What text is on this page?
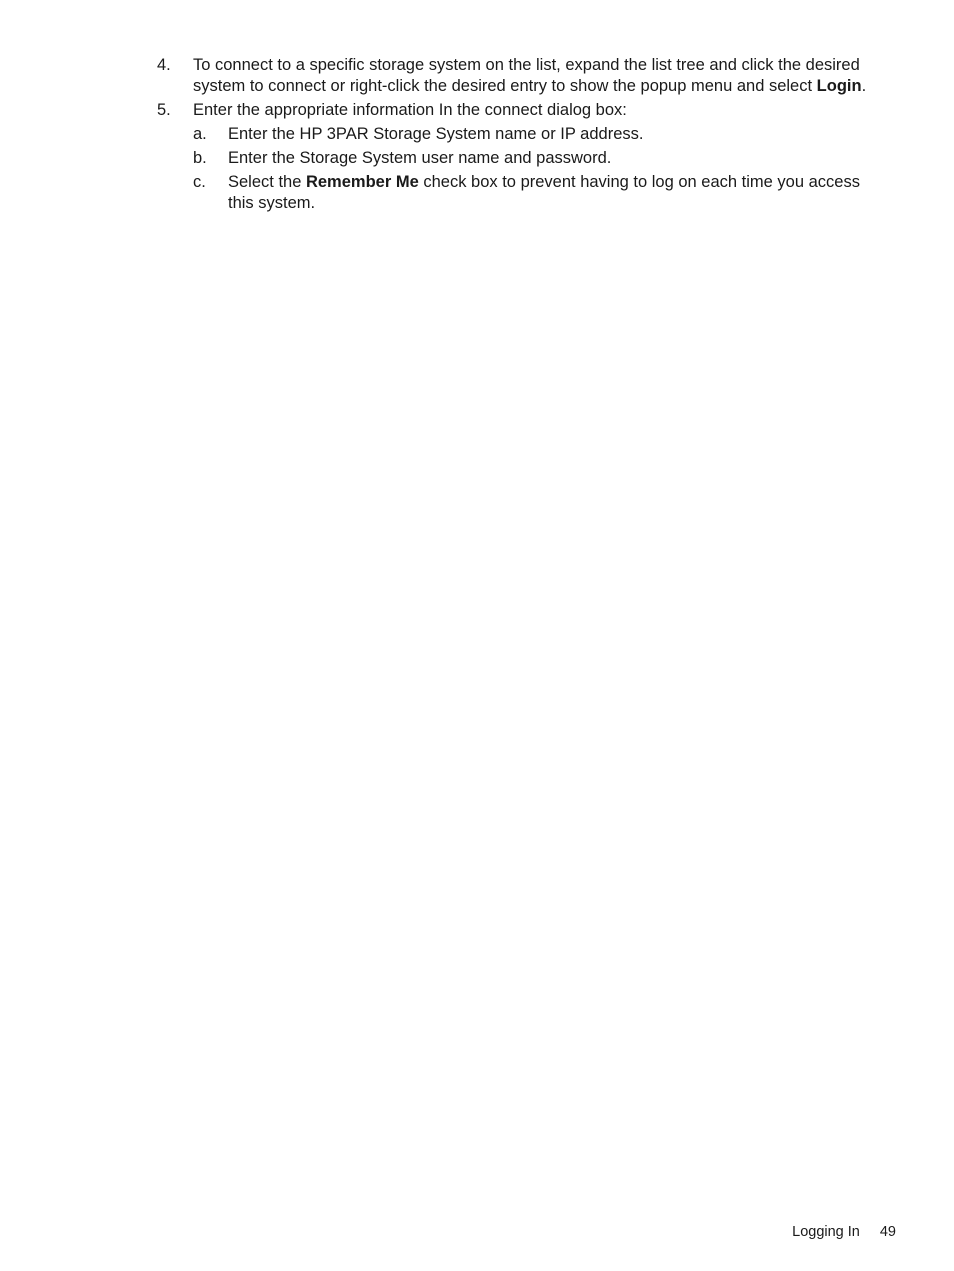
4.	To connect to a specific storage system on the list, expand the list tree and click the desired system to connect or right-click the desired entry to show the popup menu and select Login.
5.	Enter the appropriate information In the connect dialog box:
a.	Enter the HP 3PAR Storage System name or IP address.
b.	Enter the Storage System user name and password.
c.	Select the Remember Me check box to prevent having to log on each time you access this system.
Logging In 49
